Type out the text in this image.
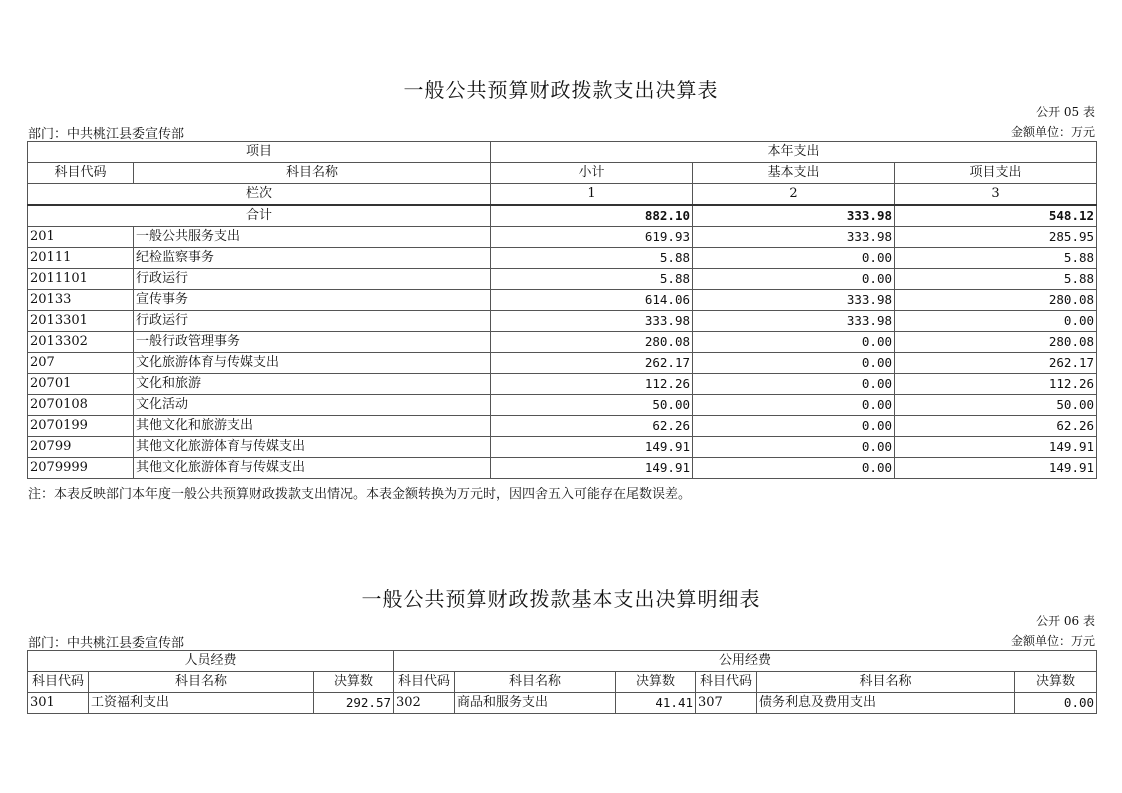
一般公共预算财政拨款支出决算表
公开 05 表
部门：中共桃江县委宣传部	金额单位：万元
项目		本年支出		
科目代码	科目名称	小计	基本支出	项目支出
栏次		1	2	3
合计		882.10	333.98	548.12
201	一般公共服务支出	619.93	333.98	285.95
20111	纪检监察事务	5.88	0.00	5.88
2011101	行政运行	5.88	0.00	5.88
20133	宣传事务	614.06	333.98	280.08
2013301	行政运行	333.98	333.98	0.00
2013302	一般行政管理事务	280.08	0.00	280.08
207	文化旅游体育与传媒支出	262.17	0.00	262.17
20701	文化和旅游	112.26	0.00	112.26
2070108	文化活动	50.00	0.00	50.00
2070199	其他文化和旅游支出	62.26	0.00	62.26
20799	其他文化旅游体育与传媒支出	149.91	0.00	149.91
2079999	其他文化旅游体育与传媒支出	149.91	0.00	149.91
注：本表反映部门本年度一般公共预算财政拨款支出情况。本表金额转换为万元时，因四舍五入可能存在尾数误差。
一般公共预算财政拨款基本支出决算明细表
公开 06 表
部门：中共桃江县委宣传部	金额单位：万元
人员经费			公用经费					
科目代码	科目名称	决算数	科目代码	科目名称	决算数	科目代码	科目名称	决算数
301	工资福利支出	292.57	302	商品和服务支出	41.41	307	债务利息及费用支出	0.00
